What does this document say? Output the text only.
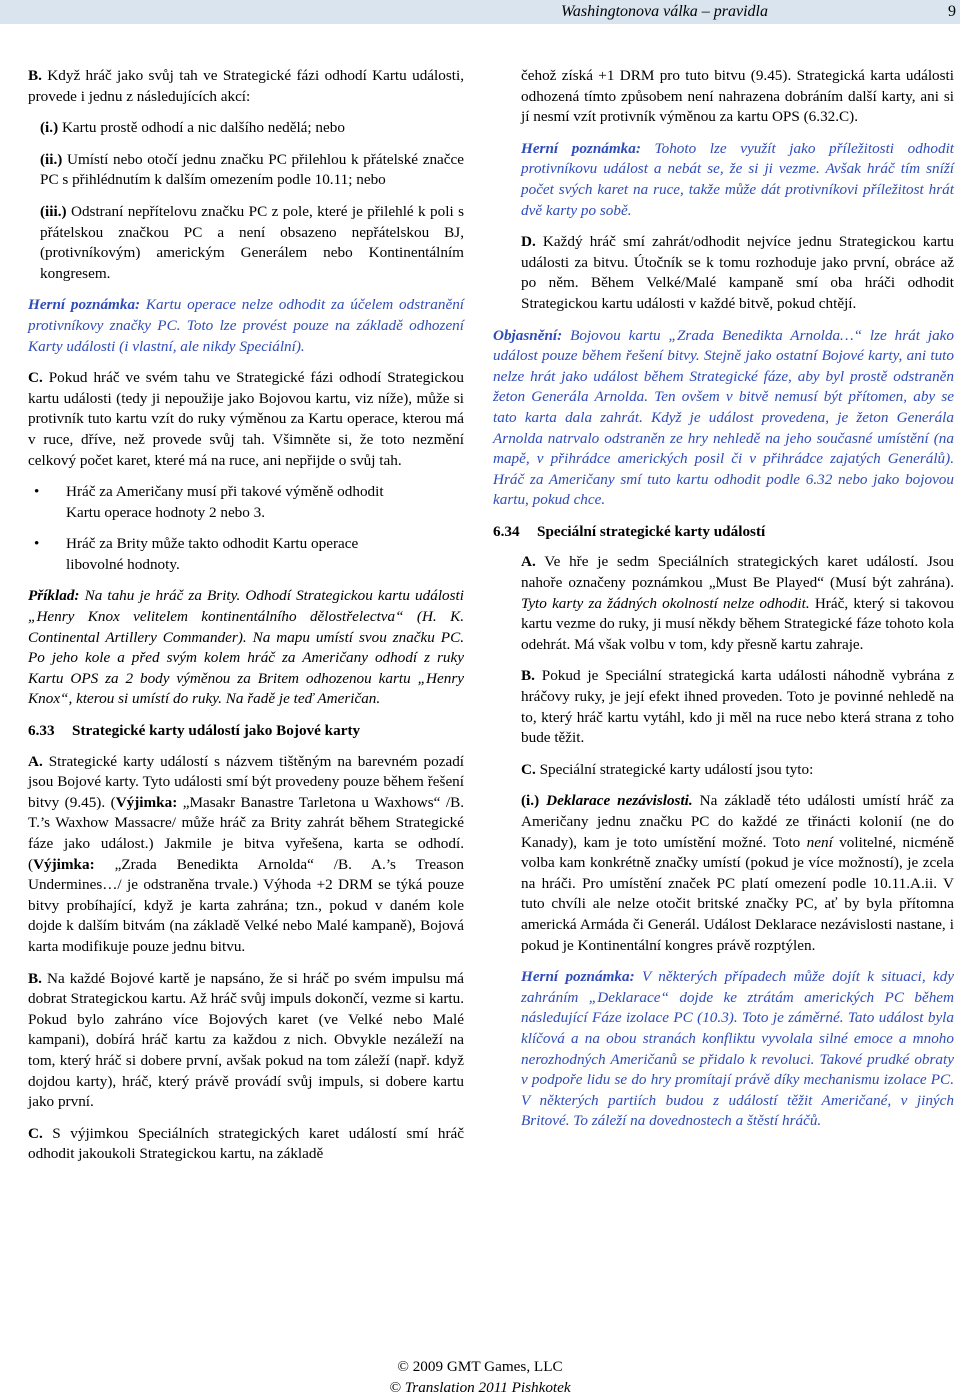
Washingtonova válka – pravidla	9

B. Když hráč jako svůj tah ve Strategické fázi odhodí Kartu události, provede i jednu z následujících akcí:

(i.) Kartu prostě odhodí a nic dalšího nedělá; nebo

(ii.) Umístí nebo otočí jednu značku PC přilehlou k přátelské značce PC s přihlédnutím k dalším omezením podle 10.11; nebo

(iii.) Odstraní nepřítelovu značku PC z pole, které je přilehlé k poli s přátelskou značkou PC a není obsazeno nepřátelskou BJ, (protivníkovým) americkým Generálem nebo Kontinentálním kongresem.

Herní poznámka: Kartu operace nelze odhodit za účelem odstranění protivníkovy značky PC. Toto lze provést pouze na základě odhození Karty události (i vlastní, ale nikdy Speciální).

C. Pokud hráč ve svém tahu ve Strategické fázi odhodí Strategickou kartu události (tedy ji nepoužije jako Bojovou kartu, viz níže), může si protivník tuto kartu vzít do ruky výměnou za Kartu operace, kterou má v ruce, dříve, než provede svůj tah. Všimněte si, že toto nezmění celkový počet karet, které má na ruce, ani nepřijde o svůj tah.

• Hráč za Američany musí při takové výměně odhodit
Kartu operace hodnoty 2 nebo 3.
• Hráč za Brity může takto odhodit Kartu operace
libovolné hodnoty.

Příklad: Na tahu je hráč za Brity. Odhodí Strategickou kartu události „Henry Knox velitelem kontinentálního dělostřelectva“ (H. K. Continental Artillery Commander). Na mapu umístí svou značku PC. Po jeho kole a před svým kolem hráč za Američany odhodí z ruky Kartu OPS za 2 body výměnou za Britem odhozenou kartu „Henry Knox“, kterou si umístí do ruky. Na řadě je teď Američan.

6.33 Strategické karty událostí jako Bojové karty

A. Strategické karty událostí s názvem tištěným na barevném pozadí jsou Bojové karty. Tyto události smí být provedeny pouze během řešení bitvy (9.45). (Výjimka: „Masakr Banastre Tarletona u Waxhows“ /B. T.’s Waxhow Massacre/ může hráč za Brity zahrát během Strategické fáze jako událost.) Jakmile je bitva vyřešena, karta se odhodí. (Výjimka: „Zrada Benedikta Arnolda“ /B. A.’s Treason Undermines…/ je odstraněna trvale.) Výhoda +2 DRM se týká pouze bitvy probíhající, když je karta zahrána; tzn., pokud v daném kole dojde k dalším bitvám (na základě Velké nebo Malé kampaně), Bojová karta modifikuje pouze jednu bitvu.

B. Na každé Bojové kartě je napsáno, že si hráč po svém impulsu má dobrat Strategickou kartu. Až hráč svůj impuls dokončí, vezme si kartu. Pokud bylo zahráno více Bojových karet (ve Velké nebo Malé kampani), dobírá hráč kartu za každou z nich. Obvykle nezáleží na tom, který hráč si dobere první, avšak pokud na tom záleží (např. když dojdou karty), hráč, který právě provádí svůj impuls, si dobere kartu jako první.

C. S výjimkou Speciálních strategických karet událostí smí hráč odhodit jakoukoli Strategickou kartu, na základě

čehož získá +1 DRM pro tuto bitvu (9.45). Strategická karta události odhozená tímto způsobem není nahrazena dobráním další karty, ani si jí nesmí vzít protivník výměnou za kartu OPS (6.32.C).

Herní poznámka: Tohoto lze využít jako příležitosti odhodit protivníkovu událost a nebát se, že si ji vezme. Avšak hráč tím sníží počet svých karet na ruce, takže může dát protivníkovi příležitost hrát dvě karty po sobě.

D. Každý hráč smí zahrát/odhodit nejvíce jednu Strategickou kartu události za bitvu. Útočník se k tomu rozhoduje jako první, obráce až po něm. Během Velké/Malé kampaně smí oba hráči odhodit Strategickou kartu události v každé bitvě, pokud chtějí.

Objasnění: Bojovou kartu „Zrada Benedikta Arnolda…“ lze hrát jako událost pouze během řešení bitvy. Stejně jako ostatní Bojové karty, ani tuto nelze hrát jako událost během Strategické fáze, aby byl prostě odstraněn žeton Generála Arnolda. Ten ovšem v bitvě nemusí být přítomen, aby se tato karta dala zahrát. Když je událost provedena, je žeton Generála Arnolda natrvalo odstraněn ze hry nehledě na jeho současné umístění (na mapě, v přihrádce amerických posil či v přihrádce zajatých Generálů). Hráč za Američany smí tuto kartu odhodit podle 6.32 nebo jako bojovou kartu, pokud chce.

6.34 Speciální strategické karty událostí

A. Ve hře je sedm Speciálních strategických karet událostí. Jsou nahoře označeny poznámkou „Must Be Played“ (Musí být zahrána). Tyto karty za žádných okolností nelze odhodit. Hráč, který si takovou kartu vezme do ruky, ji musí někdy během Strategické fáze tohoto kola odehrát. Má však volbu v tom, kdy přesně kartu zahraje.

B. Pokud je Speciální strategická karta události náhodně vybrána z hráčovy ruky, je její efekt ihned proveden. Toto je povinné nehledě na to, který hráč kartu vytáhl, kdo ji měl na ruce nebo která strana z toho bude těžit.

C. Speciální strategické karty událostí jsou tyto:

(i.) Deklarace nezávislosti. Na základě této události umístí hráč za Američany jednu značku PC do každé ze třinácti kolonií (ne do Kanady), kam je toto umístění možné. Toto není volitelné, nicméně volba kam konkrétně značky umístí (pokud je více možností), je zcela na hráči. Pro umístění značek PC platí omezení podle 10.11.A.ii. V tuto chvíli ale nelze otočit britské značky PC, ať by byla přítomna americká Armáda či Generál. Událost Deklarace nezávislosti nastane, i pokud je Kontinentální kongres právě rozptýlen.

Herní poznámka: V některých případech může dojít k situaci, kdy zahráním „Deklarace“ dojde ke ztrátám amerických PC během následující Fáze izolace PC (10.3). Toto je záměrné. Tato událost byla klíčová a na obou stranách konfliktu vyvolala silné emoce a mnoho nerozhodných Američanů se přidalo k revoluci. Takové prudké obraty v podpoře lidu se do hry promítají právě díky mechanismu izolace PC. V některých partiích budou z událostí těžit Američané, v jiných Britové. To záleží na dovednostech a štěstí hráčů.

© 2009 GMT Games, LLC
© Translation 2011 Pishkotek
